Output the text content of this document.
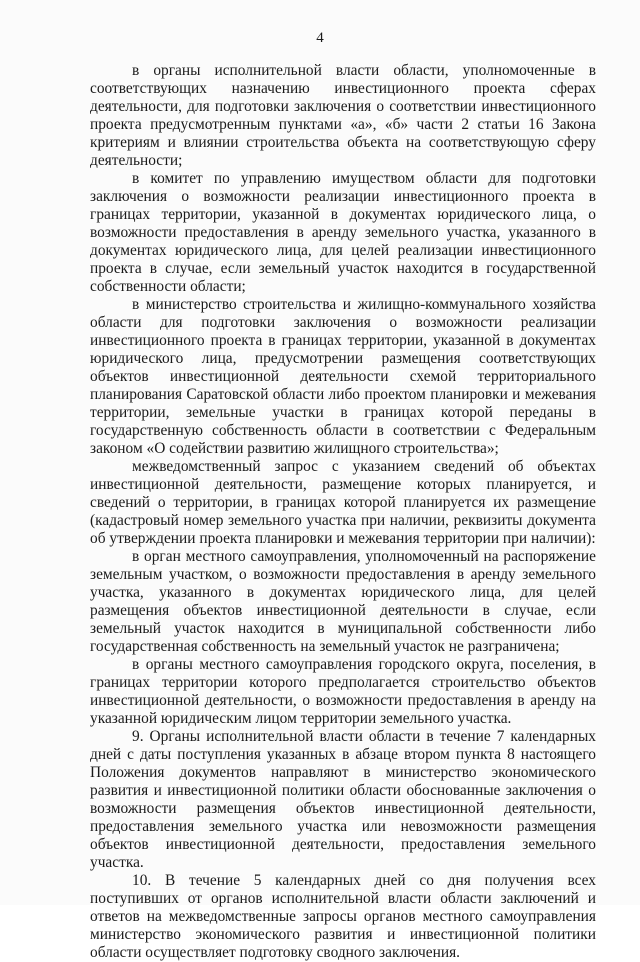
4

в органы исполнительной власти области, уполномоченные в соответствующих назначению инвестиционного проекта сферах деятельности, для подготовки заключения о соответствии инвестиционного проекта предусмотренным пунктами «а», «б» части 2 статьи 16 Закона критериям и влиянии строительства объекта на соответствующую сферу деятельности;

в комитет по управлению имуществом области для подготовки заключения о возможности реализации инвестиционного проекта в границах территории, указанной в документах юридического лица, о возможности предоставления в аренду земельного участка, указанного в документах юридического лица, для целей реализации инвестиционного проекта в случае, если земельный участок находится в государственной собственности области;

в министерство строительства и жилищно-коммунального хозяйства области для подготовки заключения о возможности реализации инвестиционного проекта в границах территории, указанной в документах юридического лица, предусмотрении размещения соответствующих объектов инвестиционной деятельности схемой территориального планирования Саратовской области либо проектом планировки и межевания территории, земельные участки в границах которой переданы в государственную собственность области в соответствии с Федеральным законом «О содействии развитию жилищного строительства»;

межведомственный запрос с указанием сведений об объектах инвестиционной деятельности, размещение которых планируется, и сведений о территории, в границах которой планируется их размещение (кадастровый номер земельного участка при наличии, реквизиты документа об утверждении проекта планировки и межевания территории при наличии):

в орган местного самоуправления, уполномоченный на распоряжение земельным участком, о возможности предоставления в аренду земельного участка, указанного в документах юридического лица, для целей размещения объектов инвестиционной деятельности в случае, если земельный участок находится в муниципальной собственности либо государственная собственность на земельный участок не разграничена;

в органы местного самоуправления городского округа, поселения, в границах территории которого предполагается строительство объектов инвестиционной деятельности, о возможности предоставления в аренду на указанной юридическим лицом территории земельного участка.

9. Органы исполнительной власти области в течение 7 календарных дней с даты поступления указанных в абзаце втором пункта 8 настоящего Положения документов направляют в министерство экономического развития и инвестиционной политики области обоснованные заключения о возможности размещения объектов инвестиционной деятельности, предоставления земельного участка или невозможности размещения объектов инвестиционной деятельности, предоставления земельного участка.

10. В течение 5 календарных дней со дня получения всех поступивших от органов исполнительной власти области заключений и ответов на межведомственные запросы органов местного самоуправления министерство экономического развития и инвестиционной политики области осуществляет подготовку сводного заключения.
